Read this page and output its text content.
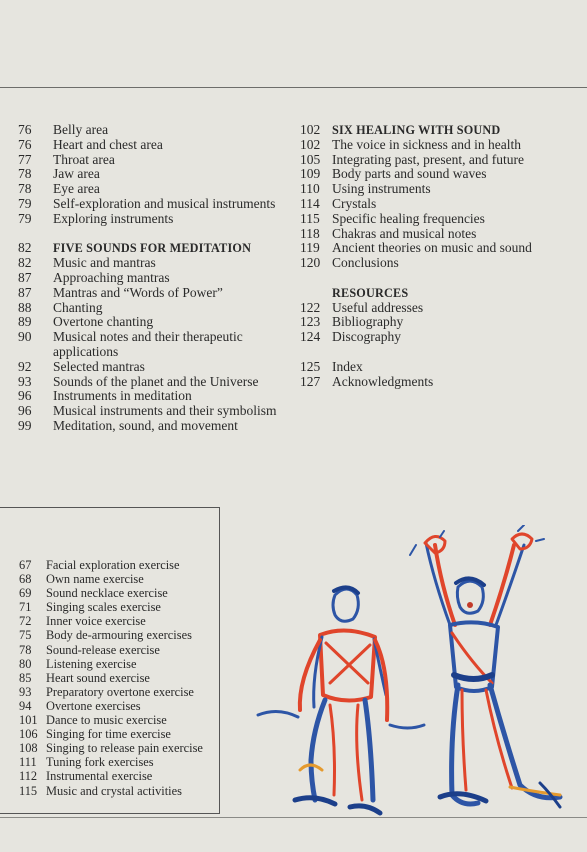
76	Belly area
76	Heart and chest area
77	Throat area
78	Jaw area
78	Eye area
79	Self-exploration and musical instruments
79	Exploring instruments
82	FIVE SOUNDS FOR MEDITATION
82	Music and mantras
87	Approaching mantras
87	Mantras and “Words of Power”
88	Chanting
89	Overtone chanting
90	Musical notes and their therapeutic applications
92	Selected mantras
93	Sounds of the planet and the Universe
96	Instruments in meditation
96	Musical instruments and their symbolism
99	Meditation, sound, and movement
102 SIX HEALING WITH SOUND
102 The voice in sickness and in health
105 Integrating past, present, and future
109 Body parts and sound waves
110 Using instruments
114 Crystals
115 Specific healing frequencies
118 Chakras and musical notes
119 Ancient theories on music and sound
120 Conclusions
RESOURCES
122 Useful addresses
123 Bibliography
124 Discography
125 Index
127 Acknowledgments
67	Facial exploration exercise
68	Own name exercise
69	Sound necklace exercise
71	Singing scales exercise
72	Inner voice exercise
75	Body de-armouring exercises
78	Sound-release exercise
80	Listening exercise
85	Heart sound exercise
93	Preparatory overtone exercise
94	Overtone exercises
101 Dance to music exercise
106 Singing for time exercise
108 Singing to release pain exercise
111 Tuning fork exercises
112 Instrumental exercise
115 Music and crystal activities
